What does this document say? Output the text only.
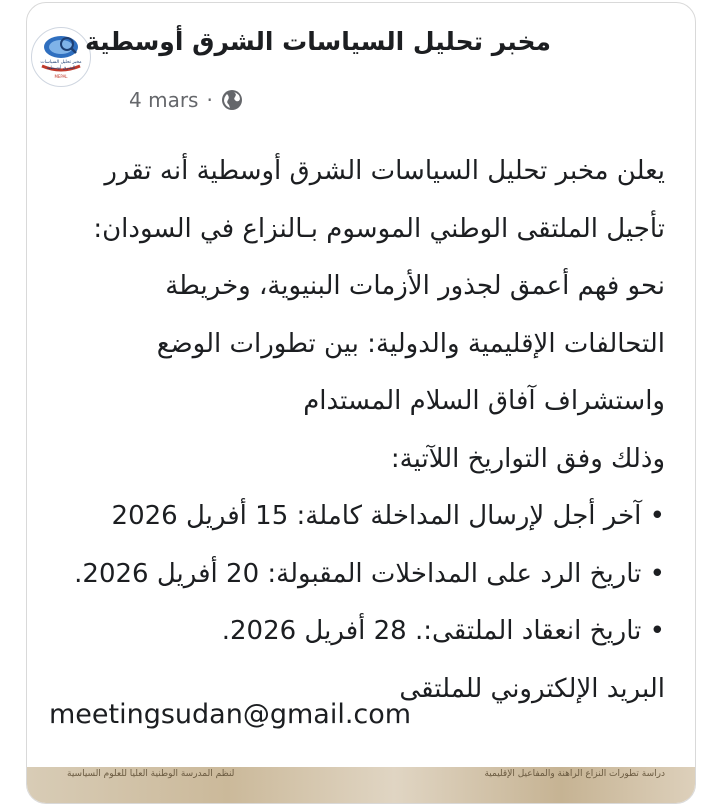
مخبر تحليل السياسات
الشرق أوسطية
MEPAL
مخبر تحليل السياسات الشرق أوسطية
4 mars ·
يعلن مخبر تحليل السياسات الشرق أوسطية أنه تقرر
تأجيل الملتقى الوطني الموسوم بـالنزاع في السودان:
نحو فهم أعمق لجذور الأزمات البنيوية، وخريطة
التحالفات الإقليمية والدولية: بين تطورات الوضع
واستشراف آفاق السلام المستدام
وذلك وفق التواريخ اللآتية:
• آخر أجل لإرسال المداخلة كاملة: 15 أفريل 2026
• تاريخ الرد على المداخلات المقبولة: 20 أفريل 2026.
• تاريخ انعقاد الملتقى:. 28 أفريل 2026.
البريد الإلكتروني للملتقى
meetingsudan@gmail.com
لنظم المدرسة الوطنية العليا للعلوم السياسية	دراسة تطورات النزاع الراهنة والمفاعيل الإقليمية
